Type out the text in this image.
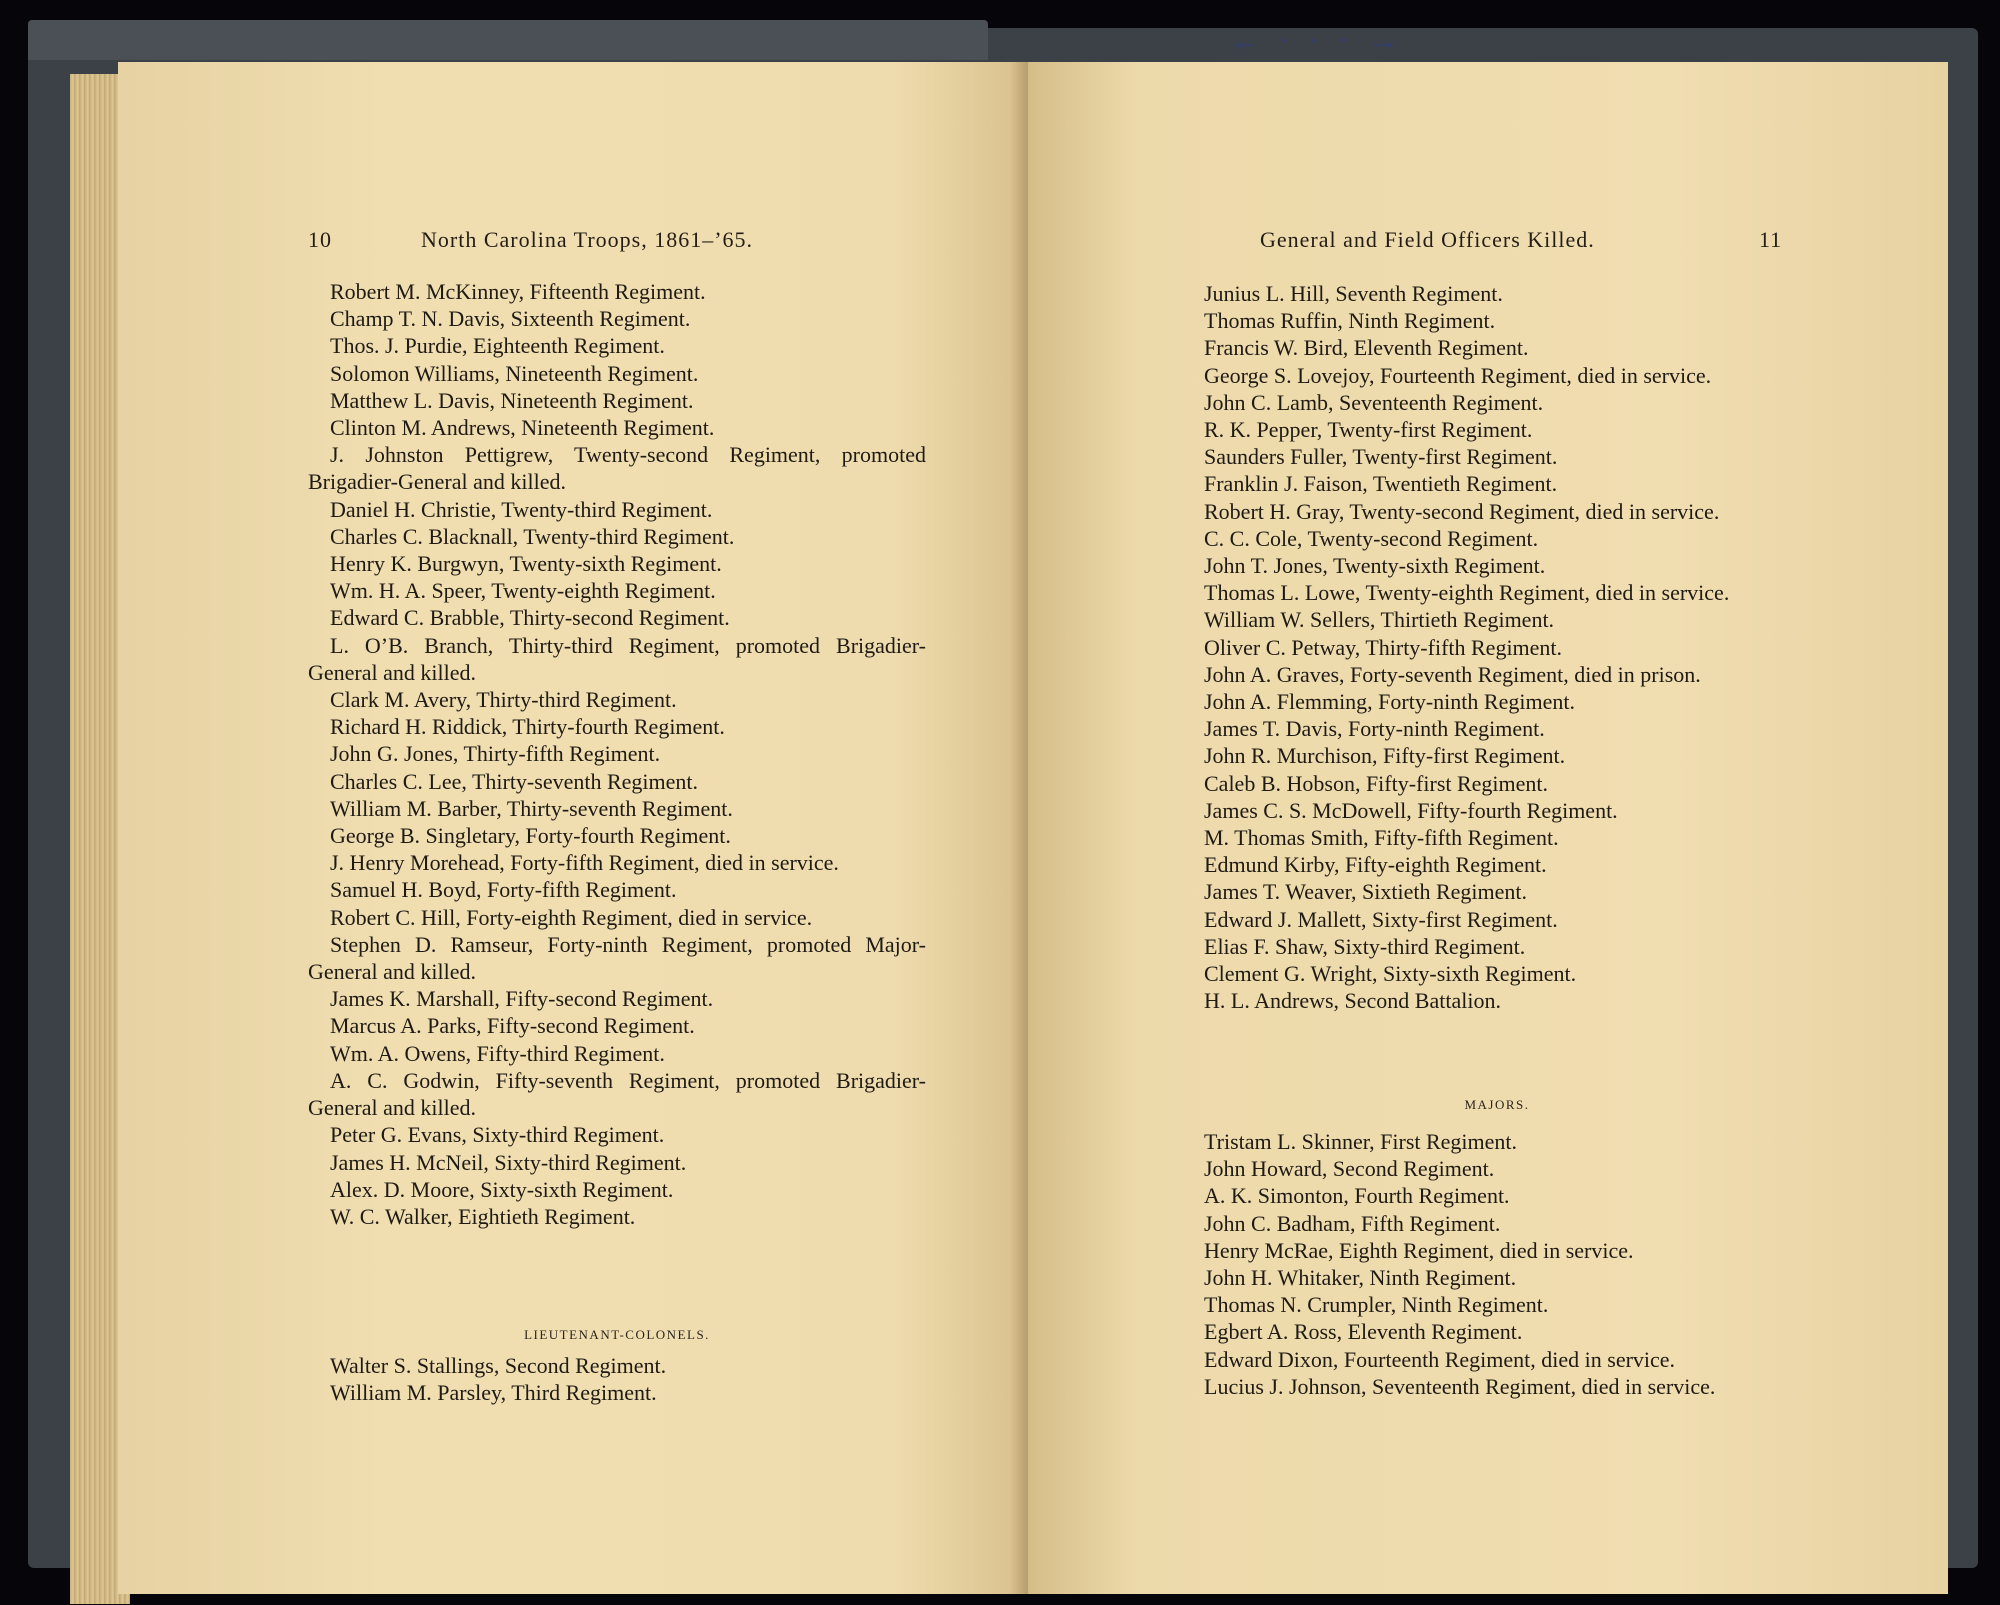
← · · · →
10	North Carolina Troops, 1861–’65.
Robert M. McKinney, Fifteenth Regiment.
Champ T. N. Davis, Sixteenth Regiment.
Thos. J. Purdie, Eighteenth Regiment.
Solomon Williams, Nineteenth Regiment.
Matthew L. Davis, Nineteenth Regiment.
Clinton M. Andrews, Nineteenth Regiment.
J. Johnston Pettigrew, Twenty-second Regiment, promoted Brigadier-General and killed.
Daniel H. Christie, Twenty-third Regiment.
Charles C. Blacknall, Twenty-third Regiment.
Henry K. Burgwyn, Twenty-sixth Regiment.
Wm. H. A. Speer, Twenty-eighth Regiment.
Edward C. Brabble, Thirty-second Regiment.
L. O’B. Branch, Thirty-third Regiment, promoted Brigadier-General and killed.
Clark M. Avery, Thirty-third Regiment.
Richard H. Riddick, Thirty-fourth Regiment.
John G. Jones, Thirty-fifth Regiment.
Charles C. Lee, Thirty-seventh Regiment.
William M. Barber, Thirty-seventh Regiment.
George B. Singletary, Forty-fourth Regiment.
J. Henry Morehead, Forty-fifth Regiment, died in service.
Samuel H. Boyd, Forty-fifth Regiment.
Robert C. Hill, Forty-eighth Regiment, died in service.
Stephen D. Ramseur, Forty-ninth Regiment, promoted Major-General and killed.
James K. Marshall, Fifty-second Regiment.
Marcus A. Parks, Fifty-second Regiment.
Wm. A. Owens, Fifty-third Regiment.
A. C. Godwin, Fifty-seventh Regiment, promoted Brigadier-General and killed.
Peter G. Evans, Sixty-third Regiment.
James H. McNeil, Sixty-third Regiment.
Alex. D. Moore, Sixty-sixth Regiment.
W. C. Walker, Eightieth Regiment.
LIEUTENANT-COLONELS.
Walter S. Stallings, Second Regiment.
William M. Parsley, Third Regiment.
General and Field Officers Killed.	11
Junius L. Hill, Seventh Regiment.
Thomas Ruffin, Ninth Regiment.
Francis W. Bird, Eleventh Regiment.
George S. Lovejoy, Fourteenth Regiment, died in service.
John C. Lamb, Seventeenth Regiment.
R. K. Pepper, Twenty-first Regiment.
Saunders Fuller, Twenty-first Regiment.
Franklin J. Faison, Twentieth Regiment.
Robert H. Gray, Twenty-second Regiment, died in service.
C. C. Cole, Twenty-second Regiment.
John T. Jones, Twenty-sixth Regiment.
Thomas L. Lowe, Twenty-eighth Regiment, died in service.
William W. Sellers, Thirtieth Regiment.
Oliver C. Petway, Thirty-fifth Regiment.
John A. Graves, Forty-seventh Regiment, died in prison.
John A. Flemming, Forty-ninth Regiment.
James T. Davis, Forty-ninth Regiment.
John R. Murchison, Fifty-first Regiment.
Caleb B. Hobson, Fifty-first Regiment.
James C. S. McDowell, Fifty-fourth Regiment.
M. Thomas Smith, Fifty-fifth Regiment.
Edmund Kirby, Fifty-eighth Regiment.
James T. Weaver, Sixtieth Regiment.
Edward J. Mallett, Sixty-first Regiment.
Elias F. Shaw, Sixty-third Regiment.
Clement G. Wright, Sixty-sixth Regiment.
H. L. Andrews, Second Battalion.
MAJORS.
Tristam L. Skinner, First Regiment.
John Howard, Second Regiment.
A. K. Simonton, Fourth Regiment.
John C. Badham, Fifth Regiment.
Henry McRae, Eighth Regiment, died in service.
John H. Whitaker, Ninth Regiment.
Thomas N. Crumpler, Ninth Regiment.
Egbert A. Ross, Eleventh Regiment.
Edward Dixon, Fourteenth Regiment, died in service.
Lucius J. Johnson, Seventeenth Regiment, died in service.
